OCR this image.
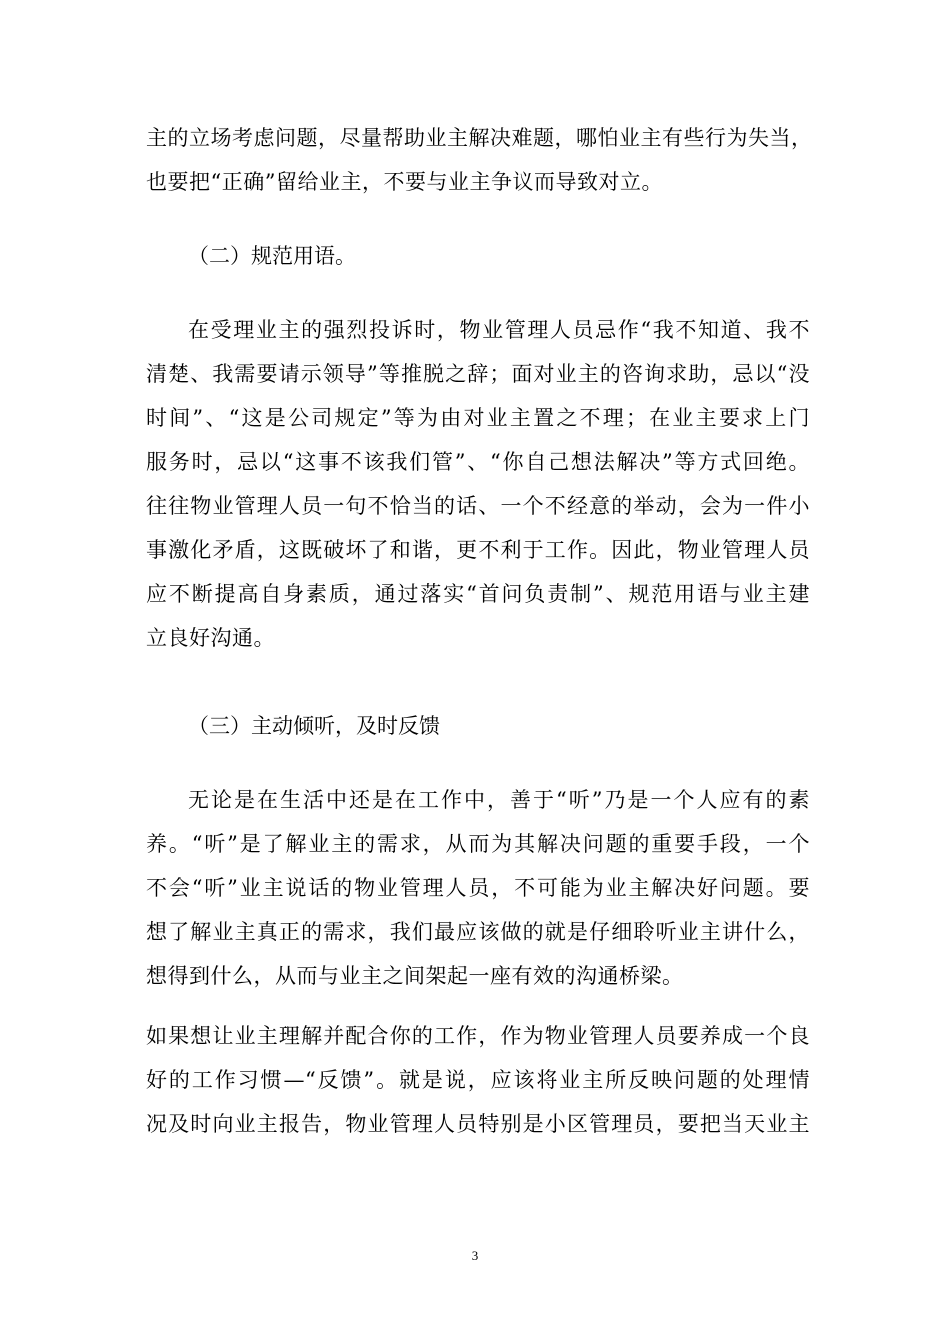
主的立场考虑问题，尽量帮助业主解决难题，哪怕业主有些行为失当，
也要把“正确”留给业主，不要与业主争议而导致对立。
（二）规范用语。
在受理业主的强烈投诉时，物业管理人员忌作“我不知道、我不
清楚、我需要请示领导”等推脱之辞；面对业主的咨询求助，忌以“没
时间”、“这是公司规定”等为由对业主置之不理；在业主要求上门
服务时，忌以“这事不该我们管”、“你自己想法解决”等方式回绝。
往往物业管理人员一句不恰当的话、一个不经意的举动，会为一件小
事激化矛盾，这既破坏了和谐，更不利于工作。因此，物业管理人员
应不断提高自身素质，通过落实“首问负责制”、规范用语与业主建
立良好沟通。
（三）主动倾听，及时反馈
无论是在生活中还是在工作中，善于“听”乃是一个人应有的素
养。“听”是了解业主的需求，从而为其解决问题的重要手段，一个
不会“听”业主说话的物业管理人员，不可能为业主解决好问题。要
想了解业主真正的需求，我们最应该做的就是仔细聆听业主讲什么，
想得到什么，从而与业主之间架起一座有效的沟通桥梁。
如果想让业主理解并配合你的工作，作为物业管理人员要养成一个良
好的工作习惯—“反馈”。就是说，应该将业主所反映问题的处理情
况及时向业主报告，物业管理人员特别是小区管理员，要把当天业主
3
